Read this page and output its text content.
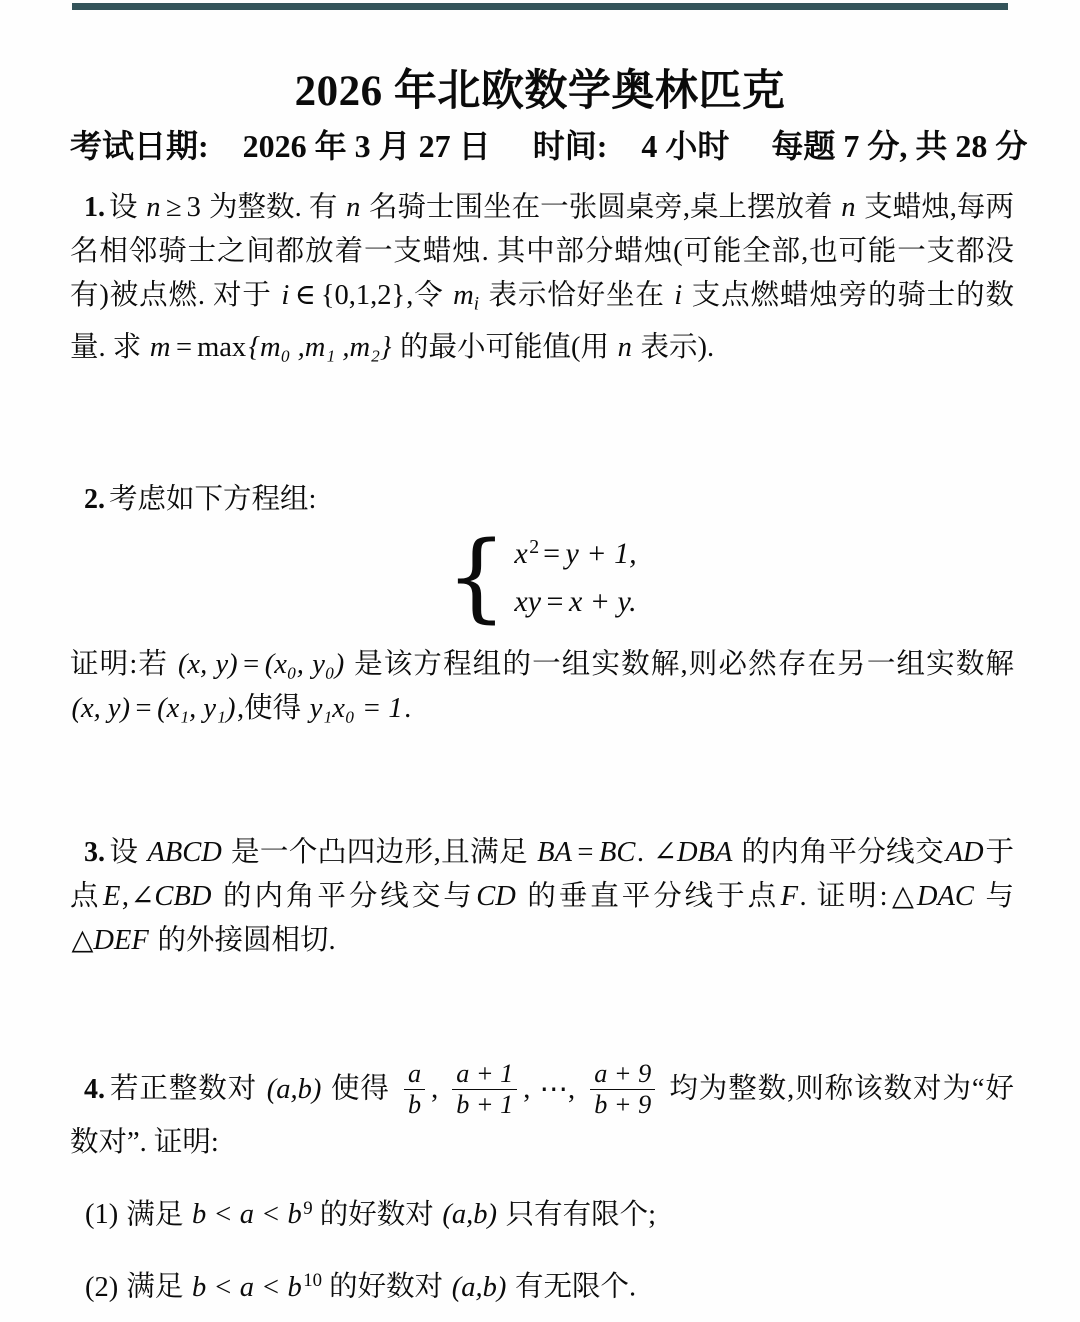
2026 年北欧数学奥林匹克
考试日期: 2026 年 3 月 27 日 时间: 4 小时 每题 7 分, 共 28 分
1. 设 n ≥ 3 为整数. 有 n 名骑士围坐在一张圆桌旁,桌上摆放着 n 支蜡烛,每两名相邻骑士之间都放着一支蜡烛. 其中部分蜡烛(可能全部,也可能一支都没有)被点燃. 对于 i ∈ {0,1,2},令 $m_i$ 表示恰好坐在 i 支点燃蜡烛旁的骑士的数量. 求 m = max{m₀ ,m₁ ,m₂} 的最小可能值(用 n 表示).
2. 考虑如下方程组:
{ $x^2 = y + 1$,
xy = x + y.
证明:若 (x, y) = (x₀, y₀) 是该方程组的一组实数解,则必然存在另一组实数解 (x, y) = (x₁, y₁),使得 y₁x₀ = 1.
3. 设 ABCD 是一个凸四边形,且满足 BA = BC. ∠DBA 的内角平分线交AD于点E,∠CBD 的内角平分线交与CD 的垂直平分线于点F. 证明:△DAC 与 △DEF 的外接圆相切.
4. 若正整数对 (a,b) 使得 $\frac{a}{b}$ , $\frac{a + 1}{b + 1}$ , ⋯, $\frac{a + 9}{b + 9}$ 均为整数,则称该数对为“好数对”. 证明:
(1) 满足 $b < a < b^9$ 的好数对 (a,b) 只有有限个;
(2) 满足 $b < a < b^{10}$ 的好数对 (a,b) 有无限个.
